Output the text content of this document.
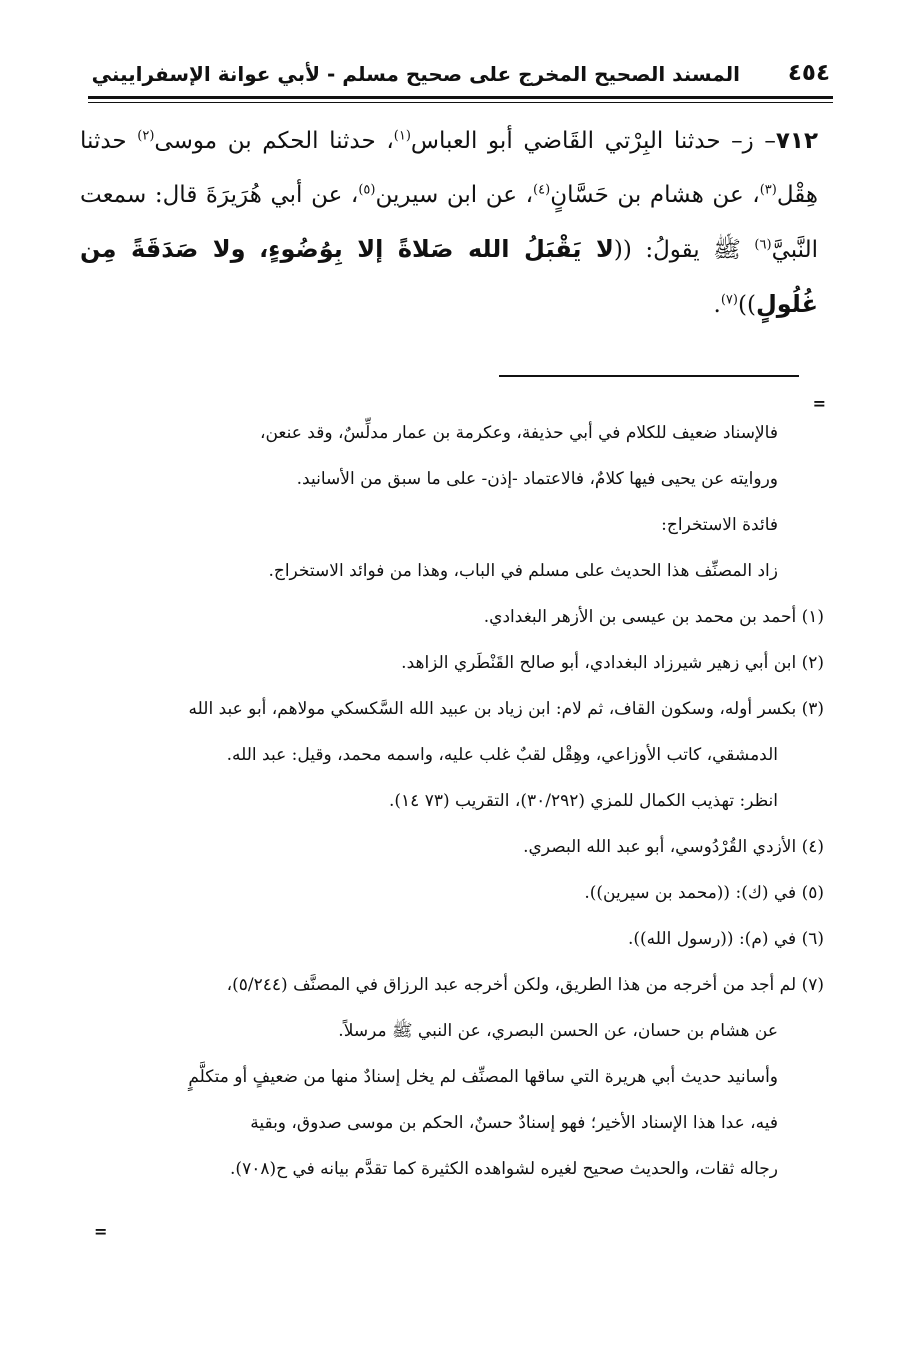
٤٥٤
المسند الصحيح المخرج على صحيح مسلم - لأبي عوانة الإسفراييني
٧١٢– ز– حدثنا البِرْتي القَاضي أبو العباس$^{(١)}$، حدثنا الحكم بن موسى$^{(٢)}$ حدثنا هِقْل$^{(٣)}$، عن هشام بن حَسَّانٍ$^{(٤)}$، عن ابن سيرين$^{(٥)}$، عن أبي هُرَيرَةَ قال: سمعت النَّبيَّ$^{(٦)}$ ﷺ يقولُ: ((لا يَقْبَلُ الله صَلاةً إلا بِوُضُوءٍ، ولا صَدَقَةً مِن غُلُولٍ))$^{(٧)}$.
=

فالإسناد ضعيف للكلام في أبي حذيفة، وعكرمة بن عمار مدلِّسٌ، وقد عنعن،

وروايته عن يحيى فيها كلامٌ، فالاعتماد -إذن- على ما سبق من الأسانيد.

فائدة الاستخراج:

زاد المصنِّف هذا الحديث على مسلم في الباب، وهذا من فوائد الاستخراج.

(١) أحمد بن محمد بن عيسى بن الأزهر البغدادي.

(٢) ابن أبي زهير شيرزاد البغدادي، أبو صالح القَنْطَري الزاهد.

(٣) بكسر أوله، وسكون القاف، ثم لام: ابن زياد بن عبيد الله السَّكسكي مولاهم، أبو عبد الله

الدمشقي، كاتب الأوزاعي، وهِقْل لقبٌ غلب عليه، واسمه محمد، وقيل: عبد الله.

انظر: تهذيب الكمال للمزي (٣٠/٢٩٢)، التقريب (٧٣ ١٤).

(٤) الأزدي القُرْدُوسي، أبو عبد الله البصري.

(٥) في (ك): ((محمد بن سيرين)).

(٦) في (م): ((رسول الله)).

(٧) لم أجد من أخرجه من هذا الطريق، ولكن أخرجه عبد الرزاق في المصنَّف (٥/٢٤٤)،

عن هشام بن حسان، عن الحسن البصري، عن النبي ﷺ مرسلاً.

وأسانيد حديث أبي هريرة التي ساقها المصنِّف لم يخل إسنادٌ منها من ضعيفٍ أو متكلَّمٍ

فيه، عدا هذا الإسناد الأخير؛ فهو إسنادٌ حسنٌ، الحكم بن موسى صدوق، وبقية

رجاله ثقات، والحديث صحيح لغيره لشواهده الكثيرة كما تقدَّم بيانه في ح(٧٠٨).

=
